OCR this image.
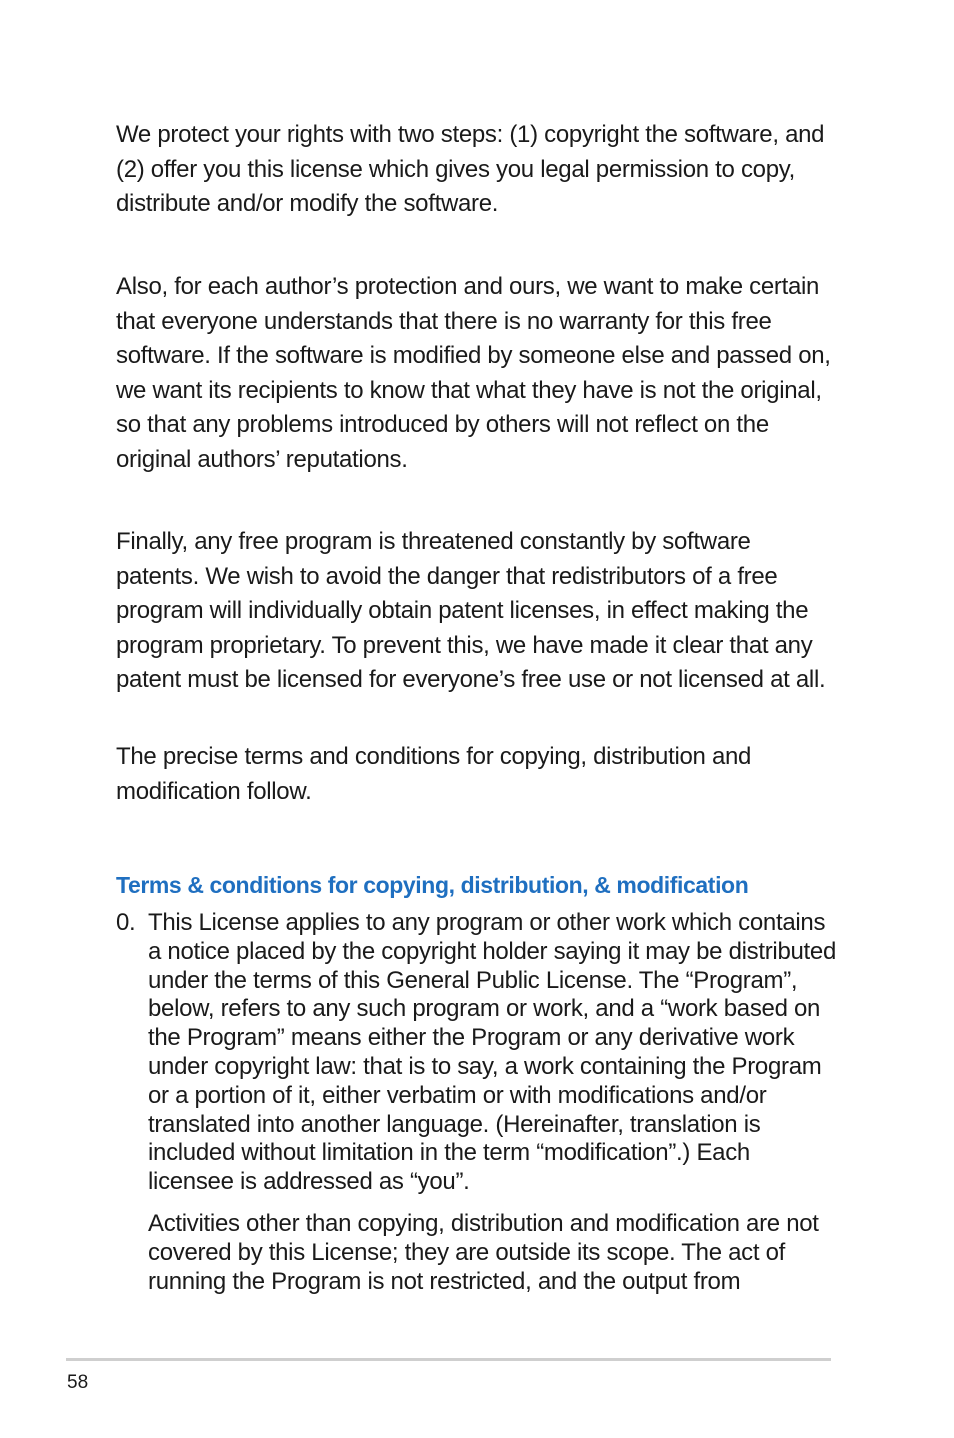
We protect your rights with two steps: (1) copyright the software, and (2) offer you this license which gives you legal permission to copy, distribute and/or modify the software.

Also, for each author’s protection and ours, we want to make certain that everyone understands that there is no warranty for this free software. If the software is modified by someone else and passed on, we want its recipients to know that what they have is not the original, so that any problems introduced by others will not reflect on the original authors’ reputations.

Finally, any free program is threatened constantly by software patents. We wish to avoid the danger that redistributors of a free program will individually obtain patent licenses, in effect making the program proprietary. To prevent this, we have made it clear that any patent must be licensed for everyone’s free use or not licensed at all.

The precise terms and conditions for copying, distribution and modification follow.

Terms & conditions for copying, distribution, & modification
0. This License applies to any program or other work which contains a notice placed by the copyright holder saying it may be distributed under the terms of this General Public License. The “Program”, below, refers to any such program or work, and a “work based on the Program” means either the Program or any derivative work under copyright law: that is to say, a work containing the Program or a portion of it, either verbatim or with modifications and/or translated into another language. (Hereinafter, translation is included without limitation in the term “modification”.) Each licensee is addressed as “you”.

Activities other than copying, distribution and modification are not covered by this License; they are outside its scope. The act of running the Program is not restricted, and the output from

58
